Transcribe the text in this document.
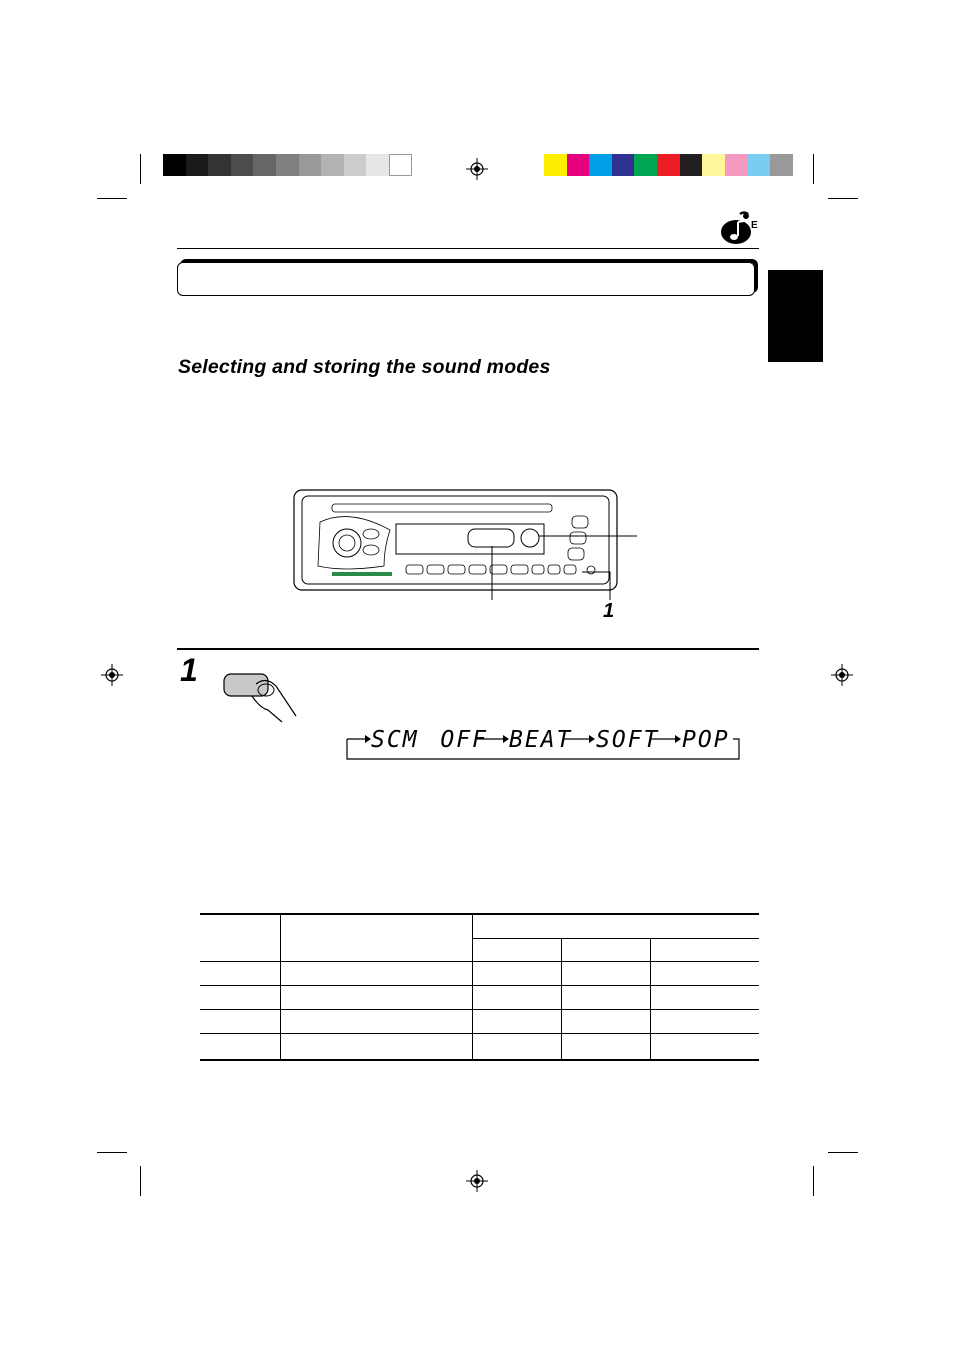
E
Selecting and storing the sound modes
1
1
SCM OFF BEAT SOFT POP
